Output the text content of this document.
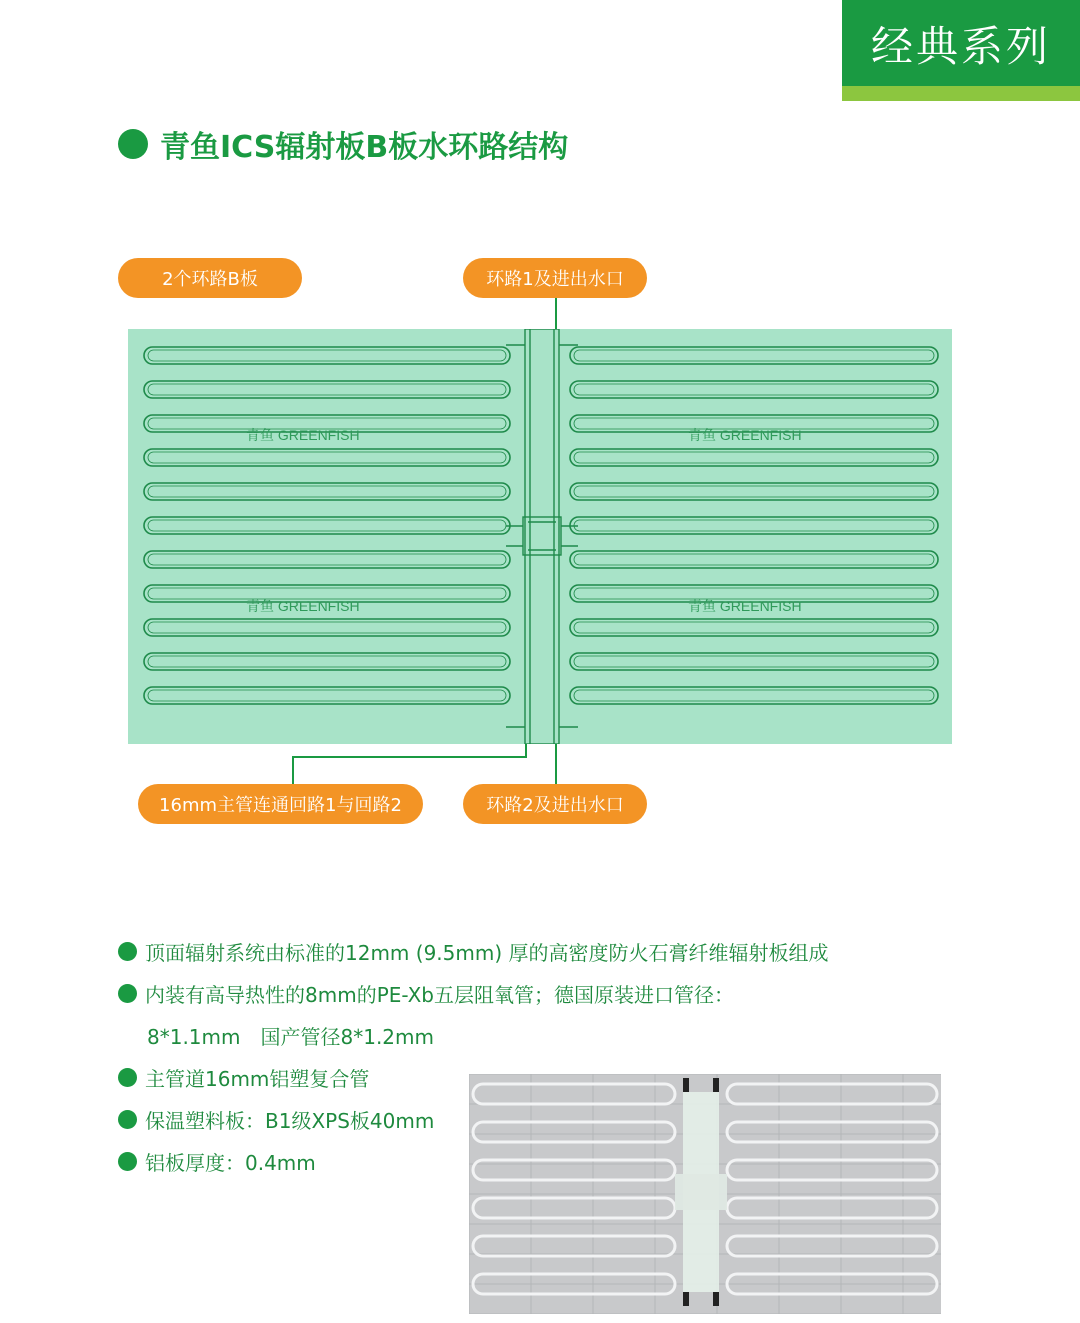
经典系列
青鱼ICS辐射板B板水环路结构
2个环路B板	环路1及进出水口
16mm主管连通回路1与回路2	环路2及进出水口
青鱼 GREENFISH	青鱼 GREENFISH
青鱼 GREENFISH	青鱼 GREENFISH
顶面辐射系统由标准的12mm (9.5mm) 厚的高密度防火石膏纤维辐射板组成
内装有高导热性的8mm的PE-Xb五层阻氧管；德国原装进口管径：
8*1.1mm　国产管径8*1.2mm
主管道16mm铝塑复合管
保温塑料板：B1级XPS板40mm
铝板厚度：0.4mm
